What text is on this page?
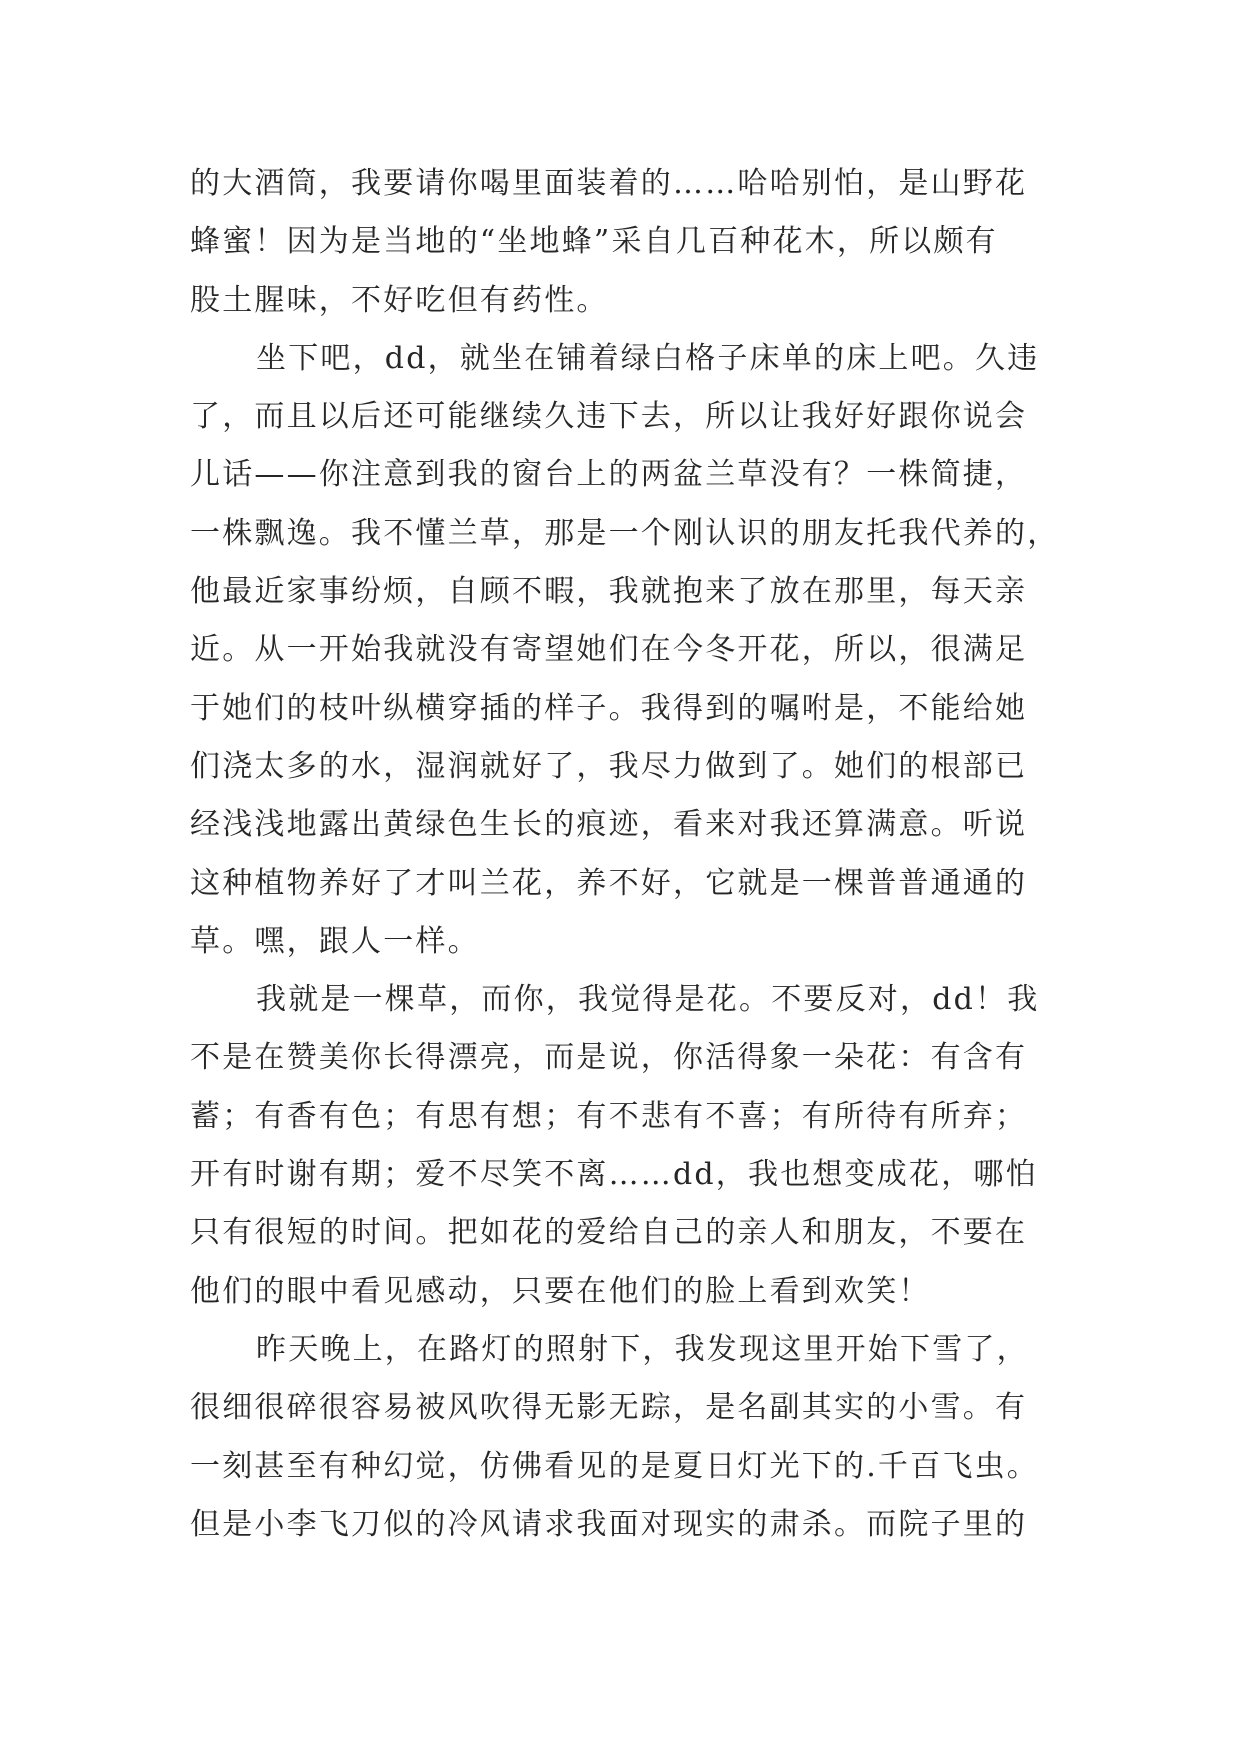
的大酒筒，我要请你喝里面装着的……哈哈别怕，是山野花
蜂蜜！因为是当地的“坐地蜂”采自几百种花木，所以颇有
股土腥味，不好吃但有药性。
坐下吧，dd，就坐在铺着绿白格子床单的床上吧。久违
了，而且以后还可能继续久违下去，所以让我好好跟你说会
儿话——你注意到我的窗台上的两盆兰草没有？一株简捷，
一株飘逸。我不懂兰草，那是一个刚认识的朋友托我代养的，
他最近家事纷烦，自顾不暇，我就抱来了放在那里，每天亲
近。从一开始我就没有寄望她们在今冬开花，所以，很满足
于她们的枝叶纵横穿插的样子。我得到的嘱咐是，不能给她
们浇太多的水，湿润就好了，我尽力做到了。她们的根部已
经浅浅地露出黄绿色生长的痕迹，看来对我还算满意。听说
这种植物养好了才叫兰花，养不好，它就是一棵普普通通的
草。嘿，跟人一样。
我就是一棵草，而你，我觉得是花。不要反对，dd！我
不是在赞美你长得漂亮，而是说，你活得象一朵花：有含有
蓄；有香有色；有思有想；有不悲有不喜；有所待有所弃；
开有时谢有期；爱不尽笑不离……dd，我也想变成花，哪怕
只有很短的时间。把如花的爱给自己的亲人和朋友，不要在
他们的眼中看见感动，只要在他们的脸上看到欢笑！
昨天晚上，在路灯的照射下，我发现这里开始下雪了，
很细很碎很容易被风吹得无影无踪，是名副其实的小雪。有
一刻甚至有种幻觉，仿佛看见的是夏日灯光下的.千百飞虫。
但是小李飞刀似的冷风请求我面对现实的肃杀。而院子里的
